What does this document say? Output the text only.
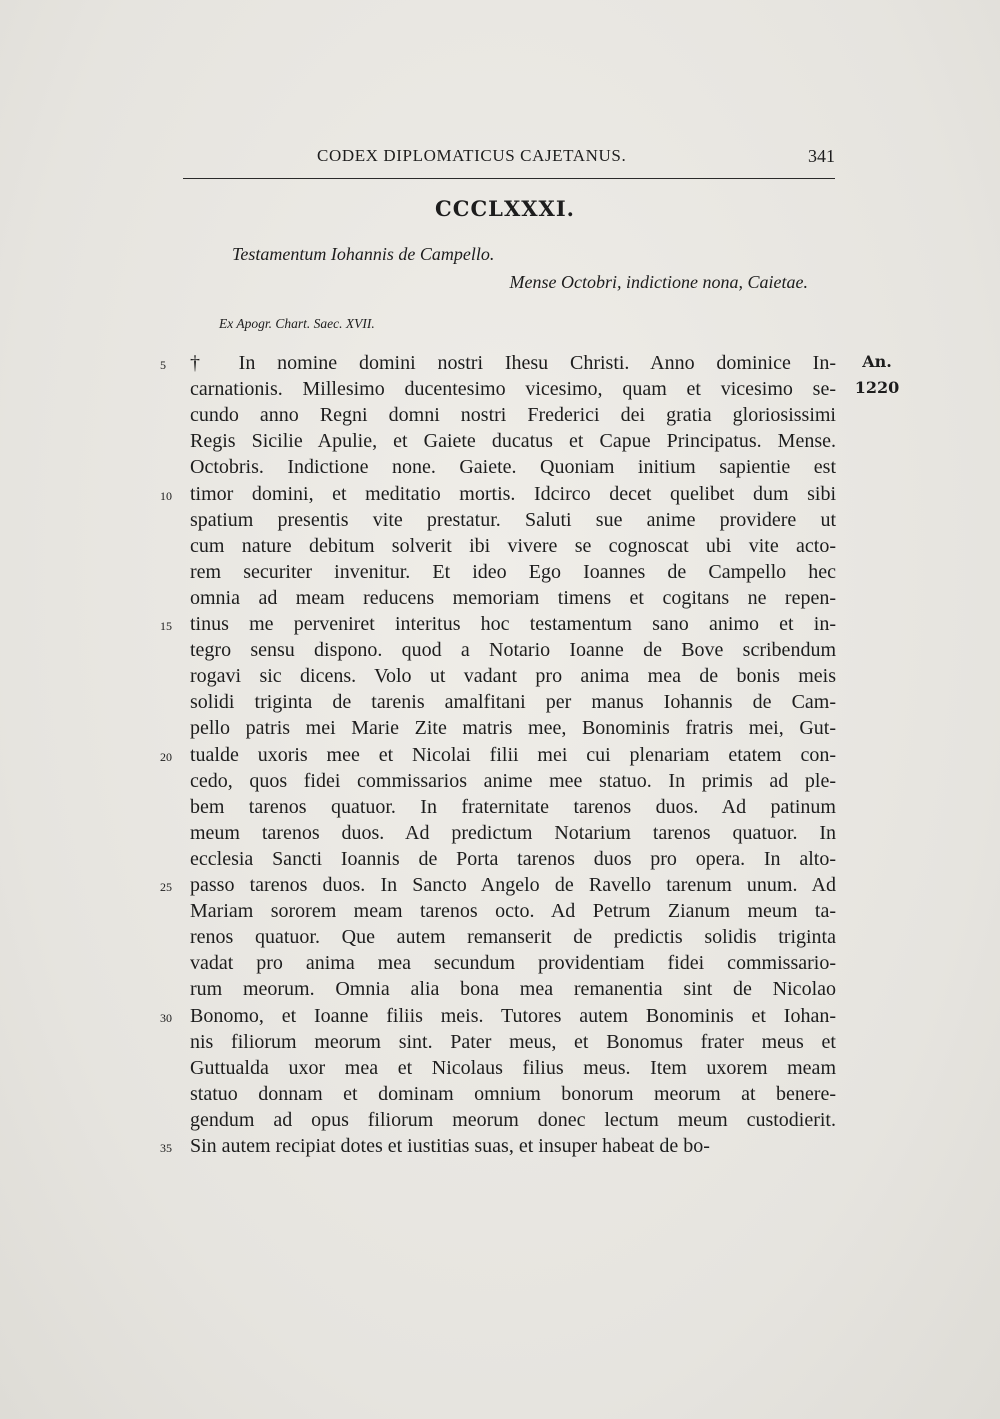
CODEX DIPLOMATICUS CAJETANUS.	341
CCCLXXXI.
Testamentum Iohannis de Campello.
Mense Octobri, indictione nona, Caietae.
Ex Apogr. Chart. Saec. XVII.
An.
1220
5
10
15
20
25
30
35
† In nomine domini nostri Ihesu Christi. Anno dominice In-
carnationis. Millesimo ducentesimo vicesimo, quam et vicesimo se-
cundo anno Regni domni nostri Frederici dei gratia gloriosissimi
Regis Sicilie Apulie, et Gaiete ducatus et Capue Principatus. Mense.
Octobris. Indictione none. Gaiete. Quoniam initium sapientie est
timor domini, et meditatio mortis. Idcirco decet quelibet dum sibi
spatium presentis vite prestatur. Saluti sue anime providere ut
cum nature debitum solverit ibi vivere se cognoscat ubi vite acto-
rem securiter invenitur. Et ideo Ego Ioannes de Campello hec
omnia ad meam reducens memoriam timens et cogitans ne repen-
tinus me perveniret interitus hoc testamentum sano animo et in-
tegro sensu dispono. quod a Notario Ioanne de Bove scribendum
rogavi sic dicens. Volo ut vadant pro anima mea de bonis meis
solidi triginta de tarenis amalfitani per manus Iohannis de Cam-
pello patris mei Marie Zite matris mee, Bonominis fratris mei, Gut-
tualde uxoris mee et Nicolai filii mei cui plenariam etatem con-
cedo, quos fidei commissarios anime mee statuo. In primis ad ple-
bem tarenos quatuor. In fraternitate tarenos duos. Ad patinum
meum tarenos duos. Ad predictum Notarium tarenos quatuor. In
ecclesia Sancti Ioannis de Porta tarenos duos pro opera. In alto-
passo tarenos duos. In Sancto Angelo de Ravello tarenum unum. Ad
Mariam sororem meam tarenos octo. Ad Petrum Zianum meum ta-
renos quatuor. Que autem remanserit de predictis solidis triginta
vadat pro anima mea secundum providentiam fidei commissario-
rum meorum. Omnia alia bona mea remanentia sint de Nicolao
Bonomo, et Ioanne filiis meis. Tutores autem Bonominis et Iohan-
nis filiorum meorum sint. Pater meus, et Bonomus frater meus et
Guttualda uxor mea et Nicolaus filius meus. Item uxorem meam
statuo donnam et dominam omnium bonorum meorum at benere-
gendum ad opus filiorum meorum donec lectum meum custodierit.
Sin autem recipiat dotes et iustitias suas, et insuper habeat de bo-
